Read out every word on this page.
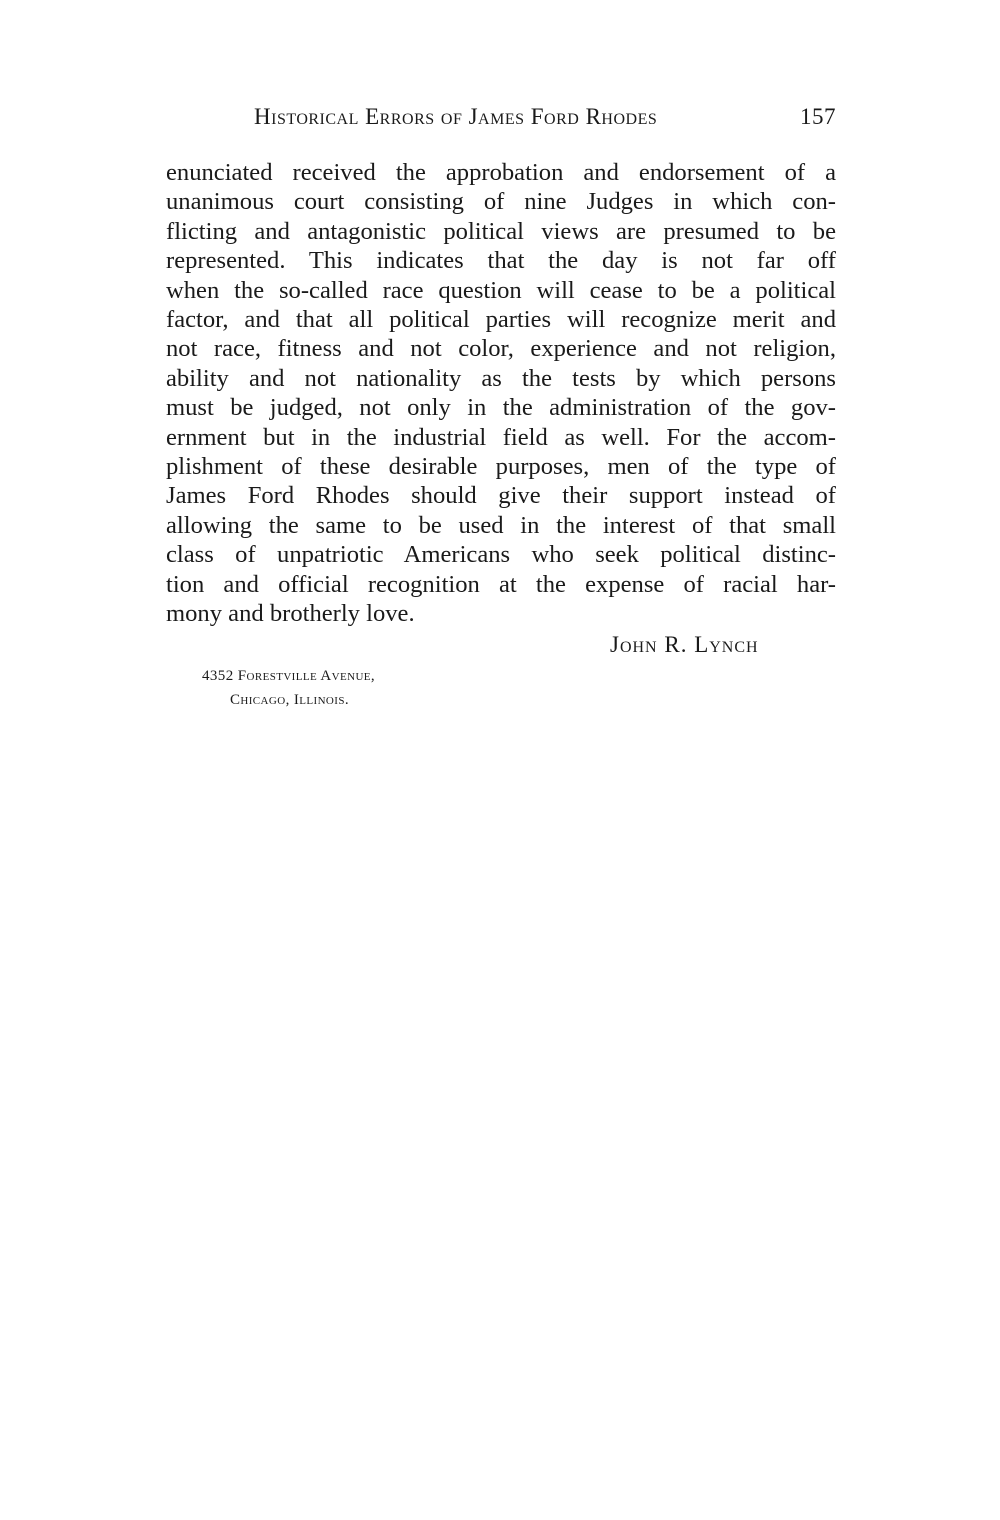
Historical Errors of James Ford Rhodes	157
enunciated received the approbation and endorsement of a
unanimous court consisting of nine Judges in which con-
flicting and antagonistic political views are presumed to be
represented. This indicates that the day is not far off
when the so-called race question will cease to be a political
factor, and that all political parties will recognize merit and
not race, fitness and not color, experience and not religion,
ability and not nationality as the tests by which persons
must be judged, not only in the administration of the gov-
ernment but in the industrial field as well. For the accom-
plishment of these desirable purposes, men of the type of
James Ford Rhodes should give their support instead of
allowing the same to be used in the interest of that small
class of unpatriotic Americans who seek political distinc-
tion and official recognition at the expense of racial har-
mony and brotherly love.
John R. Lynch
4352 Forestville Avenue,
Chicago, Illinois.
